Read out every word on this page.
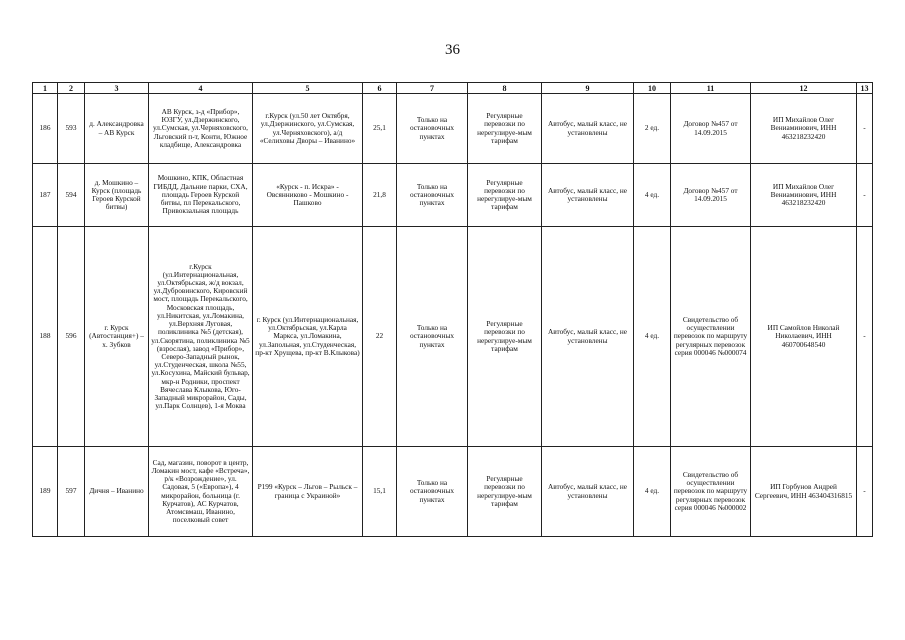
36
1	2	3	4	5	6	7	8	9	10	11	12	13
186	593	д. Александровка – АВ Курск	АВ Курск, з-д «Прибор», ЮЗГУ, ул.Дзержинского, ул.Сумская, ул.Черняховского, Льговский п-т, Конти, Южное кладбище, Александровка	г.Курск (ул.50 лет Октября, ул.Дзержинского, ул.Сумская, ул.Черняховского), а/д «Селиховы Дворы – Иванино»	25,1	Только на остановочных пунктах	Регулярные перевозки по нерегулируе-мым тарифам	Автобус, малый класс, не установлены	2 ед.	Договор №457 от 14.09.2015	ИП Михайлов Олег Вениаминович, ИНН 463218232420	-
187	594	д. Мошкино – Курск (площадь Героев Курской битвы)	Мошкино, КПК, Областная ГИБДД, Дальние парки, СХА, площадь Героев Курской битвы, пл Перекальского, Привокзальная площадь	«Курск - п. Искра» - Овсянниково - Мошкино - Пашково	21,8	Только на остановочных пунктах	Регулярные перевозки по нерегулируе-мым тарифам	Автобус, малый класс, не установлены	4 ед.	Договор №457 от 14.09.2015	ИП Михайлов Олег Вениаминович, ИНН 463218232420	-
188	596	г. Курск (Автостанция+) – х. Зубков	г.Курск (ул.Интернациональная, ул.Октябрьская, ж/д вокзал, ул.Дубровинского, Кировский мост, площадь Перекальского, Московская площадь, ул.Никитская, ул.Ломакина, ул.Верхняя Луговая, поликлиника №5 (детская), ул.Скорятина, поликлиника №5 (взрослая), завод «Прибор», Северо-Западный рынок, ул.Студенческая, школа №55, ул.Косухина, Майский бульвар, мкр-н Родники, проспект Вячеслава Клыкова, Юго-Западный микрорайон, Сады, ул.Парк Солнцев), 1-я Моква	г. Курск (ул.Интернациональная, ул.Октябрьская, ул.Карла Маркса, ул.Ломакина, ул.Запольная, ул.Студенческая, пр-кт Хрущева, пр-кт В.Клыкова)	22	Только на остановочных пунктах	Регулярные перевозки по нерегулируе-мым тарифам	Автобус, малый класс, не установлены	4 ед.	Свидетельство об осуществлении перевозок по маршруту регулярных перевозок серия 000046 №000074	ИП Самойлов Николай Николаевич, ИНН 460700648540	-
189	597	Дичня – Иванино	Сад, магазин, поворот в центр, Ломакин мост, кафе «Встреча», р/к «Возрождение», ул. Садовая, 5 («Европа»), 4 микрорайон, больница (г. Курчатов), АС Курчатов, Атомсвмаш, Иванино, поселковый совет	Р199 «Курск – Льгов – Рыльск – граница с Украиной»	15,1	Только на остановочных пунктах	Регулярные перевозки по нерегулируе-мым тарифам	Автобус, малый класс, не установлены	4 ед.	Свидетельство об осуществлении перевозок по маршруту регулярных перевозок серия 000046 №000002	ИП Горбунов Андрей Сергеевич, ИНН 463404316815	-
